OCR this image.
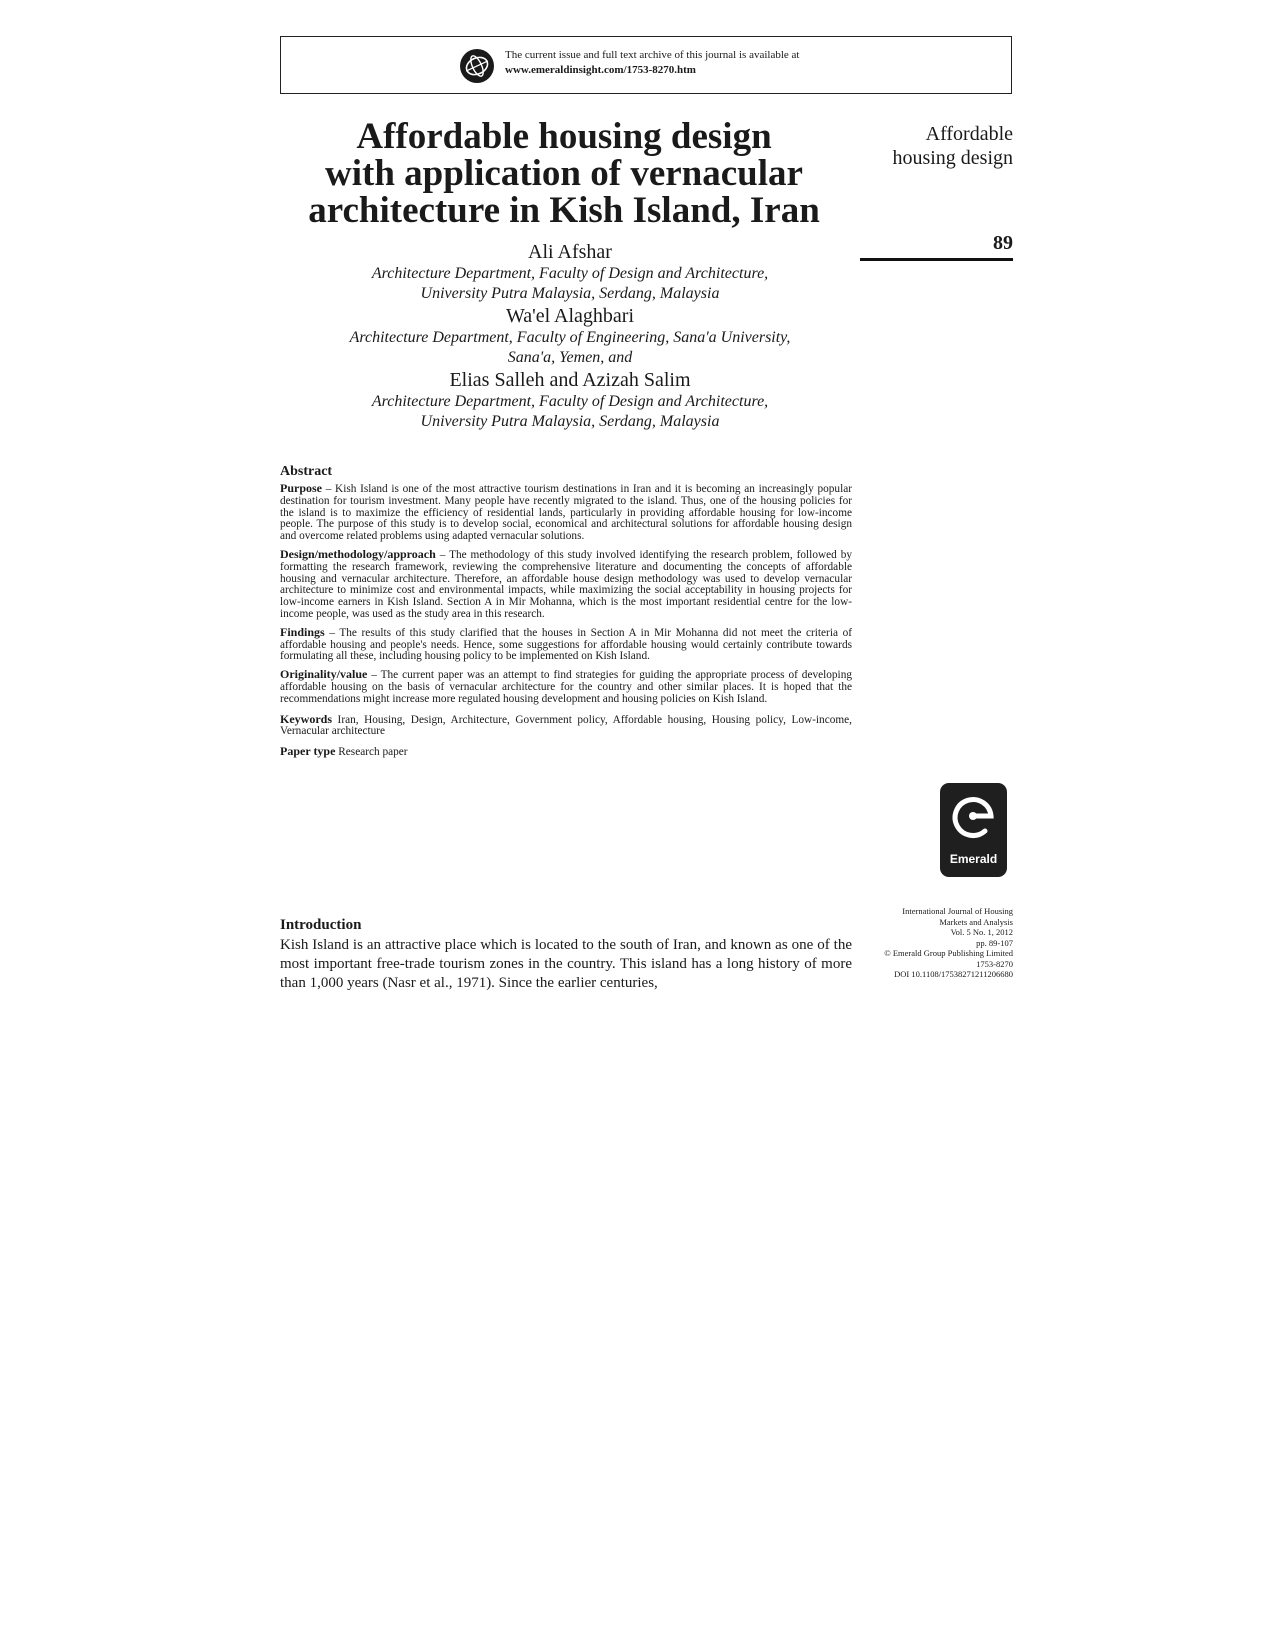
The current issue and full text archive of this journal is available at
www.emeraldinsight.com/1753-8270.htm
Affordable housing design
with application of vernacular
architecture in Kish Island, Iran
Affordable
housing design
89
Ali Afshar
Architecture Department, Faculty of Design and Architecture,
University Putra Malaysia, Serdang, Malaysia
Wa'el Alaghbari
Architecture Department, Faculty of Engineering, Sana'a University,
Sana'a, Yemen, and
Elias Salleh and Azizah Salim
Architecture Department, Faculty of Design and Architecture,
University Putra Malaysia, Serdang, Malaysia
Abstract

Purpose – Kish Island is one of the most attractive tourism destinations in Iran and it is becoming an increasingly popular destination for tourism investment. Many people have recently migrated to the island. Thus, one of the housing policies for the island is to maximize the efficiency of residential lands, particularly in providing affordable housing for low-income people. The purpose of this study is to develop social, economical and architectural solutions for affordable housing design and overcome related problems using adapted vernacular solutions.

Design/methodology/approach – The methodology of this study involved identifying the research problem, followed by formatting the research framework, reviewing the comprehensive literature and documenting the concepts of affordable housing and vernacular architecture. Therefore, an affordable house design methodology was used to develop vernacular architecture to minimize cost and environmental impacts, while maximizing the social acceptability in housing projects for low-income earners in Kish Island. Section A in Mir Mohanna, which is the most important residential centre for the low-income people, was used as the study area in this research.

Findings – The results of this study clarified that the houses in Section A in Mir Mohanna did not meet the criteria of affordable housing and people's needs. Hence, some suggestions for affordable housing would certainly contribute towards formulating all these, including housing policy to be implemented on Kish Island.

Originality/value – The current paper was an attempt to find strategies for guiding the appropriate process of developing affordable housing on the basis of vernacular architecture for the country and other similar places. It is hoped that the recommendations might increase more regulated housing development and housing policies on Kish Island.

Keywords Iran, Housing, Design, Architecture, Government policy, Affordable housing, Housing policy, Low-income, Vernacular architecture

Paper type Research paper

Emerald
International Journal of Housing
Markets and Analysis
Vol. 5 No. 1, 2012
pp. 89-107
© Emerald Group Publishing Limited
1753-8270
DOI 10.1108/17538271211206680
Introduction

Kish Island is an attractive place which is located to the south of Iran, and known as one of the most important free-trade tourism zones in the country. This island has a long history of more than 1,000 years (Nasr et al., 1971). Since the earlier centuries,
